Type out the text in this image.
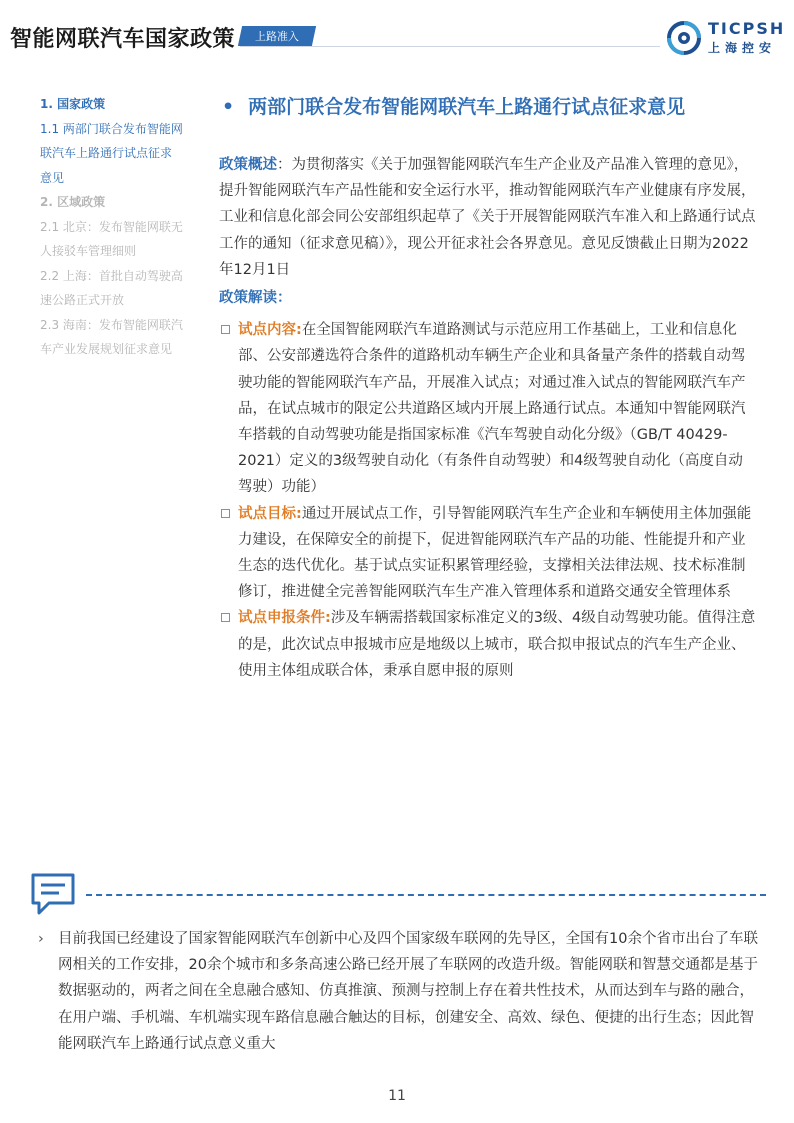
智能网联汽车国家政策 上路准入	TICPSH
上海控安
1. 国家政策
1.1 两部门联合发布智能网
联汽车上路通行试点征求
意见
2. 区域政策
2.1 北京：发布智能网联无
人接驳车管理细则
2.2 上海：首批自动驾驶高
速公路正式开放
2.3 海南：发布智能网联汽
车产业发展规划征求意见
• 两部门联合发布智能网联汽车上路通行试点征求意见

政策概述：为贯彻落实《关于加强智能网联汽车生产企业及产品准入管理的意见》，提升智能网联汽车产品性能和安全运行水平，推动智能网联汽车产业健康有序发展，工业和信息化部会同公安部组织起草了《关于开展智能网联汽车准入和上路通行试点工作的通知（征求意见稿）》，现公开征求社会各界意见。意见反馈截止日期为2022年12月1日

政策解读：

试点内容:在全国智能网联汽车道路测试与示范应用工作基础上，工业和信息化部、公安部遴选符合条件的道路机动车辆生产企业和具备量产条件的搭载自动驾驶功能的智能网联汽车产品，开展准入试点；对通过准入试点的智能网联汽车产品，在试点城市的限定公共道路区域内开展上路通行试点。本通知中智能网联汽车搭载的自动驾驶功能是指国家标准《汽车驾驶自动化分级》（GB/T 40429-2021）定义的3级驾驶自动化（有条件自动驾驶）和4级驾驶自动化（高度自动驾驶）功能）

试点目标:通过开展试点工作，引导智能网联汽车生产企业和车辆使用主体加强能力建设，在保障安全的前提下，促进智能网联汽车产品的功能、性能提升和产业生态的迭代优化。基于试点实证积累管理经验，支撑相关法律法规、技术标准制修订，推进健全完善智能网联汽车生产准入管理体系和道路交通安全管理体系

试点申报条件:涉及车辆需搭载国家标准定义的3级、4级自动驾驶功能。值得注意的是，此次试点申报城市应是地级以上城市，联合拟申报试点的汽车生产企业、使用主体组成联合体，秉承自愿申报的原则

› 目前我国已经建设了国家智能网联汽车创新中心及四个国家级车联网的先导区，全国有10余个省市出台了车联网相关的工作安排，20余个城市和多条高速公路已经开展了车联网的改造升级。智能网联和智慧交通都是基于数据驱动的，两者之间在全息融合感知、仿真推演、预测与控制上存在着共性技术，从而达到车与路的融合，在用户端、手机端、车机端实现车路信息融合触达的目标，创建安全、高效、绿色、便捷的出行生态；因此智能网联汽车上路通行试点意义重大
11
